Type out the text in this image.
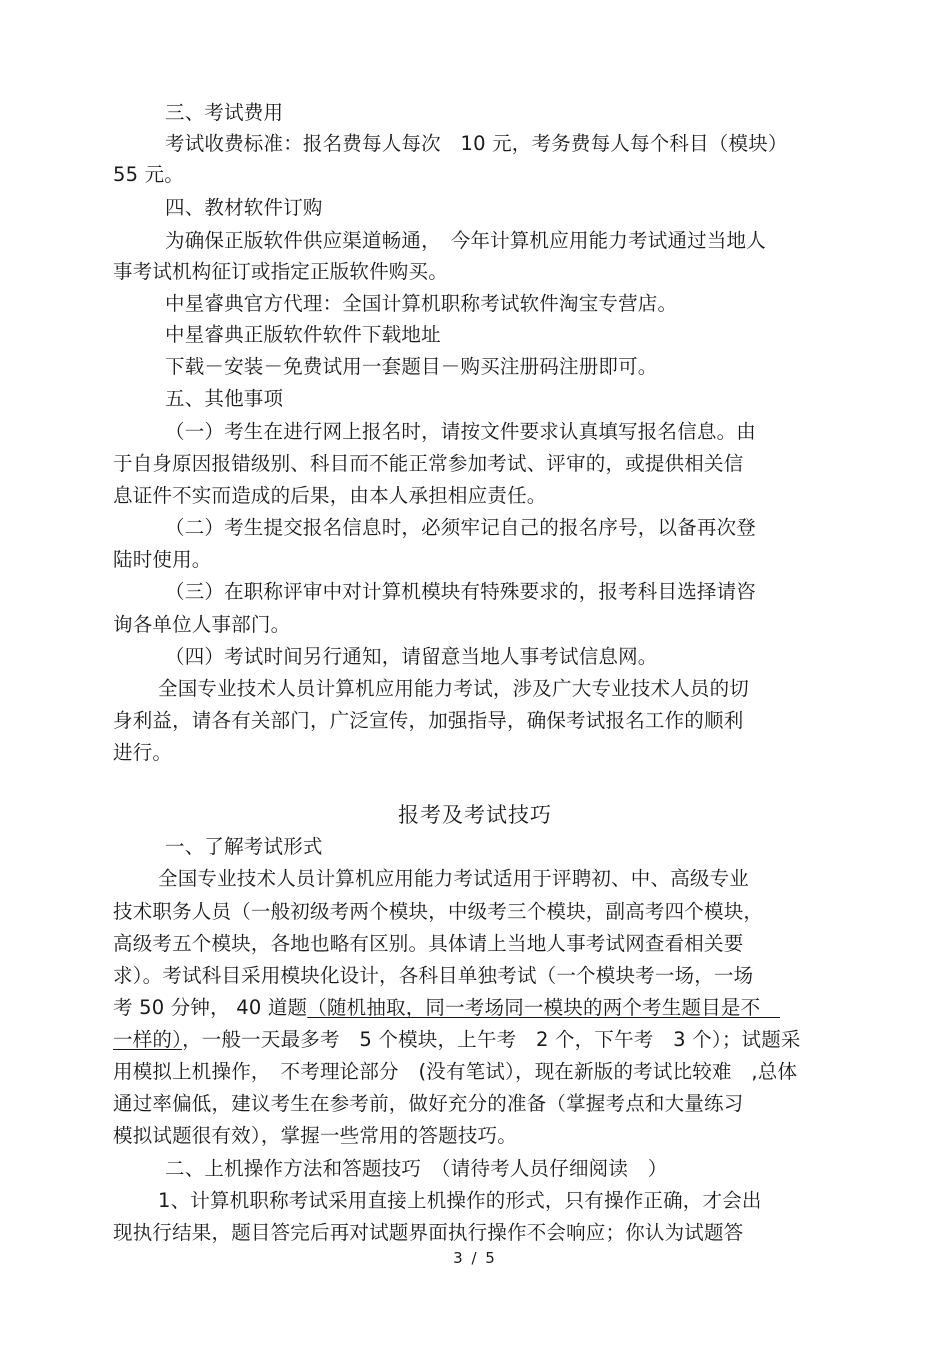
三、考试费用
考试收费标准：报名费每人每次　10 元，考务费每人每个科目（模块）
55 元。
四、教材软件订购
为确保正版软件供应渠道畅通，　今年计算机应用能力考试通过当地人
事考试机构征订或指定正版软件购买。
中星睿典官方代理：全国计算机职称考试软件淘宝专营店。
中星睿典正版软件软件下载地址
下载－安装－免费试用一套题目－购买注册码注册即可。
五、其他事项
（一）考生在进行网上报名时，请按文件要求认真填写报名信息。由
于自身原因报错级别、科目而不能正常参加考试、评审的，或提供相关信
息证件不实而造成的后果，由本人承担相应责任。
（二）考生提交报名信息时，必须牢记自己的报名序号，以备再次登
陆时使用。
（三）在职称评审中对计算机模块有特殊要求的，报考科目选择请咨
询各单位人事部门。
（四）考试时间另行通知，请留意当地人事考试信息网。
全国专业技术人员计算机应用能力考试，涉及广大专业技术人员的切
身利益，请各有关部门，广泛宣传，加强指导，确保考试报名工作的顺利
进行。
报考及考试技巧
一、了解考试形式
全国专业技术人员计算机应用能力考试适用于评聘初、中、高级专业
技术职务人员（一般初级考两个模块，中级考三个模块，副高考四个模块，
高级考五个模块，各地也略有区别。具体请上当地人事考试网查看相关要
求）。考试科目采用模块化设计，各科目单独考试（一个模块考一场，一场
考 50 分钟， 40 道题（随机抽取，同一考场同一模块的两个考生题目是不　
一样的），一般一天最多考　5 个模块，上午考　2 个，下午考　3 个）；试题采
用模拟上机操作，　不考理论部分　(没有笔试），现在新版的考试比较难　,总体
通过率偏低，建议考生在参考前，做好充分的准备（掌握考点和大量练习
模拟试题很有效），掌握一些常用的答题技巧。
二、上机操作方法和答题技巧　（请待考人员仔细阅读　）
1、计算机职称考试采用直接上机操作的形式，只有操作正确，才会出
现执行结果，题目答完后再对试题界面执行操作不会响应；你认为试题答
3 / 5
